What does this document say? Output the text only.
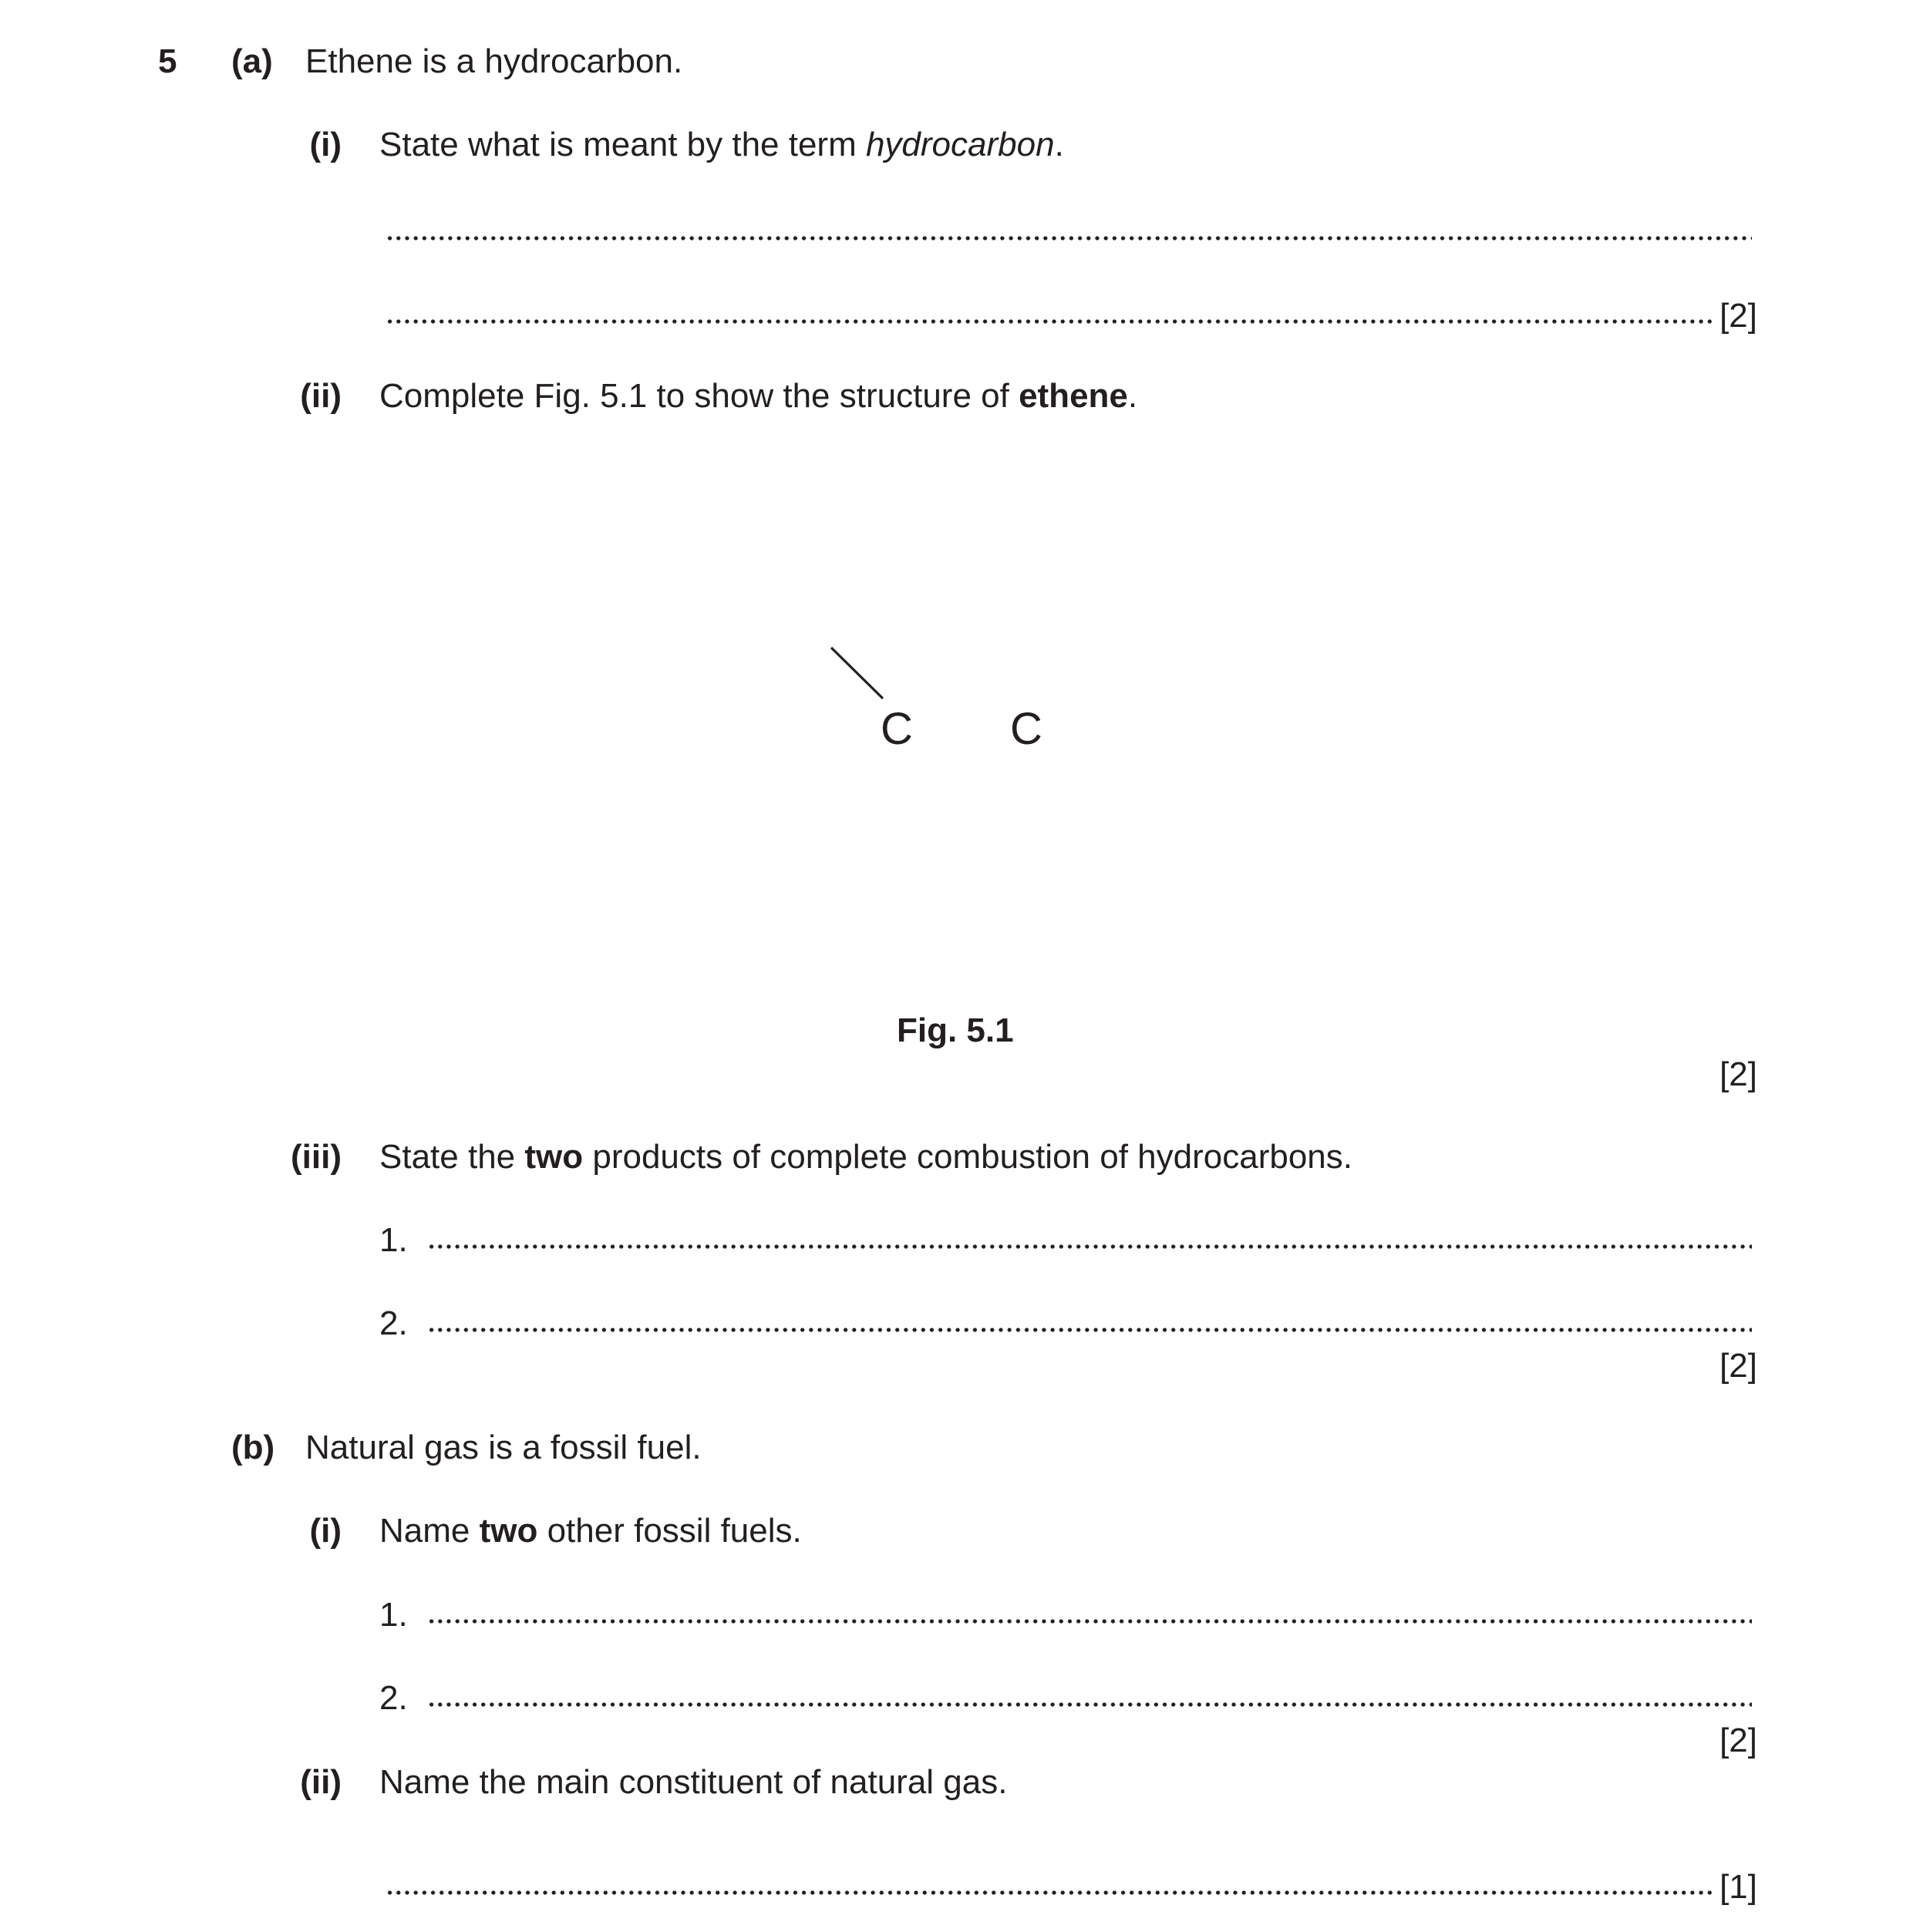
5 (a) Ethene is a hydrocarbon.
(i) State what is meant by the term hydrocarbon.
[2]
(ii) Complete Fig. 5.1 to show the structure of ethene.
C C
Fig. 5.1
[2]
(iii) State the two products of complete combustion of hydrocarbons.
1.
2.
[2]
(b) Natural gas is a fossil fuel.
(i) Name two other fossil fuels.
1.
2.
[2]
(ii) Name the main constituent of natural gas.
[1]
